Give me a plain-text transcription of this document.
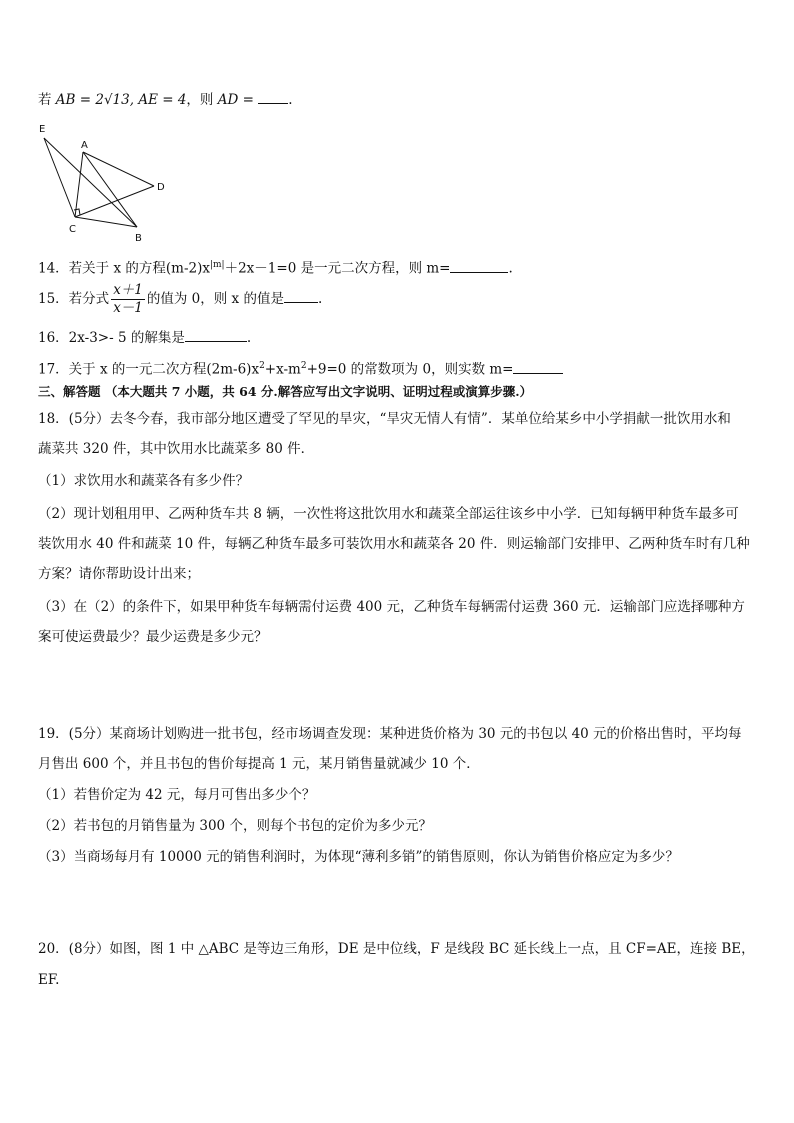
若 AB = 2√13, AE = 4，则 AD =	.
E
A
D
C
B
14．若关于 x 的方程$(m-2)x^{|m|}+2x-1=0$ 是一元二次方程，则 m=	.
15．若分式 $\frac{x+1}{x-1}$ 的值为 0，则 x 的值是	.
16．2x-3>- 5 的解集是	.
17．关于 x 的一元二次方程$(2m-6)x^2+x-m^2+9=0$ 的常数项为 0，则实数 m=
三、解答题 （本大题共 7 小题，共 64 分.解答应写出文字说明、证明过程或演算步骤.）
18．(5分）去冬今春，我市部分地区遭受了罕见的旱灾，“旱灾无情人有情”．某单位给某乡中小学捐献一批饮用水和
蔬菜共 320 件，其中饮用水比蔬菜多 80 件．
（1）求饮用水和蔬菜各有多少件？
（2）现计划租用甲、乙两种货车共 8 辆，一次性将这批饮用水和蔬菜全部运往该乡中小学．已知每辆甲种货车最多可
装饮用水 40 件和蔬菜 10 件，每辆乙种货车最多可装饮用水和蔬菜各 20 件．则运输部门安排甲、乙两种货车时有几种
方案？请你帮助设计出来；
（3）在（2）的条件下，如果甲种货车每辆需付运费 400 元，乙种货车每辆需付运费 360 元．运输部门应选择哪种方
案可使运费最少？最少运费是多少元？
19．(5分）某商场计划购进一批书包，经市场调查发现：某种进货价格为 30 元的书包以 40 元的价格出售时，平均每
月售出 600 个，并且书包的售价每提高 1 元，某月销售量就减少 10 个．
（1）若售价定为 42 元，每月可售出多少个？
（2）若书包的月销售量为 300 个，则每个书包的定价为多少元？
（3）当商场每月有 10000 元的销售利润时，为体现“薄利多销”的销售原则，你认为销售价格应定为多少？
20．(8分）如图，图 1 中 △ABC 是等边三角形，DE 是中位线，F 是线段 BC 延长线上一点，且 CF=AE，连接 BE，
EF.
